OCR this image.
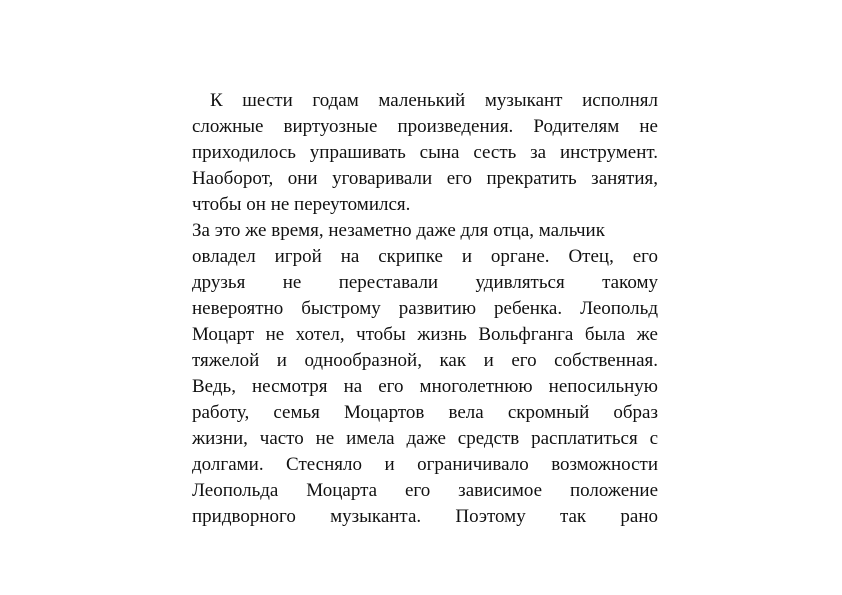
К шести годам маленький музыкант исполнял
сложные виртуозные произведения. Родителям не
приходилось упрашивать сына сесть за инструмент.
Наоборот, они уговаривали его прекратить занятия,
чтобы он не переутомился.
За это же время, незаметно даже для отца, мальчик
овладел игрой на скрипке и органе. Отец, его
друзья не переставали удивляться такому
невероятно быстрому развитию ребенка. Леопольд
Моцарт не хотел, чтобы жизнь Вольфганга была же
тяжелой и однообразной, как и его собственная.
Ведь, несмотря на его многолетнюю непосильную
работу, семья Моцартов вела скромный образ
жизни, часто не имела даже средств расплатиться с
долгами. Стесняло и ограничивало возможности
Леопольда Моцарта его зависимое положение
придворного музыканта. Поэтому так рано
